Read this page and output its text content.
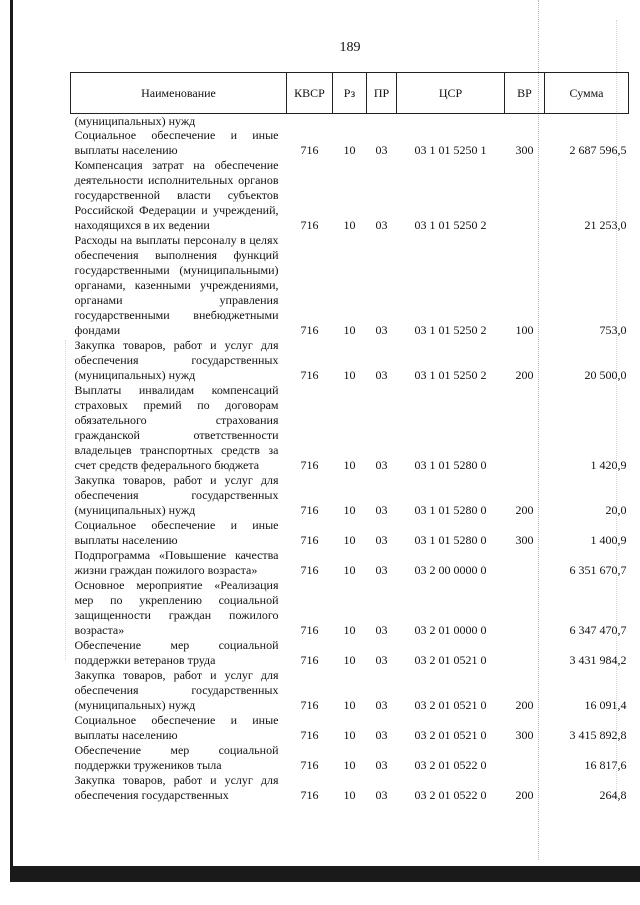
189
Наименование	КВСР	Рз	ПР	ЦСР	ВР	Сумма
(муниципальных) нужд						
Социальное обеспечение и иные выплаты населению	716	10	03	03 1 01 5250 1	300	2 687 596,5
Компенсация затрат на обеспечение деятельности исполнительных органов государственной власти субъектов Российской Федерации и учреждений, находящихся в их ведении	716	10	03	03 1 01 5250 2		21 253,0
Расходы на выплаты персоналу в целях обеспечения выполнения функций государственными (муниципальными) органами, казенными учреждениями, органами управления государственными внебюджетными фондами	716	10	03	03 1 01 5250 2	100	753,0
Закупка товаров, работ и услуг для обеспечения государственных (муниципальных) нужд	716	10	03	03 1 01 5250 2	200	20 500,0
Выплаты инвалидам компенсаций страховых премий по договорам обязательного страхования гражданской ответственности владельцев транспортных средств за счет средств федерального бюджета	716	10	03	03 1 01 5280 0		1 420,9
Закупка товаров, работ и услуг для обеспечения государственных (муниципальных) нужд	716	10	03	03 1 01 5280 0	200	20,0
Социальное обеспечение и иные выплаты населению	716	10	03	03 1 01 5280 0	300	1 400,9
Подпрограмма «Повышение качества жизни граждан пожилого возраста»	716	10	03	03 2 00 0000 0		6 351 670,7
Основное мероприятие «Реализация мер по укреплению социальной защищенности граждан пожилого возраста»	716	10	03	03 2 01 0000 0		6 347 470,7
Обеспечение мер социальной поддержки ветеранов труда	716	10	03	03 2 01 0521 0		3 431 984,2
Закупка товаров, работ и услуг для обеспечения государственных (муниципальных) нужд	716	10	03	03 2 01 0521 0	200	16 091,4
Социальное обеспечение и иные выплаты населению	716	10	03	03 2 01 0521 0	300	3 415 892,8
Обеспечение мер социальной поддержки тружеников тыла	716	10	03	03 2 01 0522 0		16 817,6
Закупка товаров, работ и услуг для обеспечения государственных	716	10	03	03 2 01 0522 0	200	264,8
